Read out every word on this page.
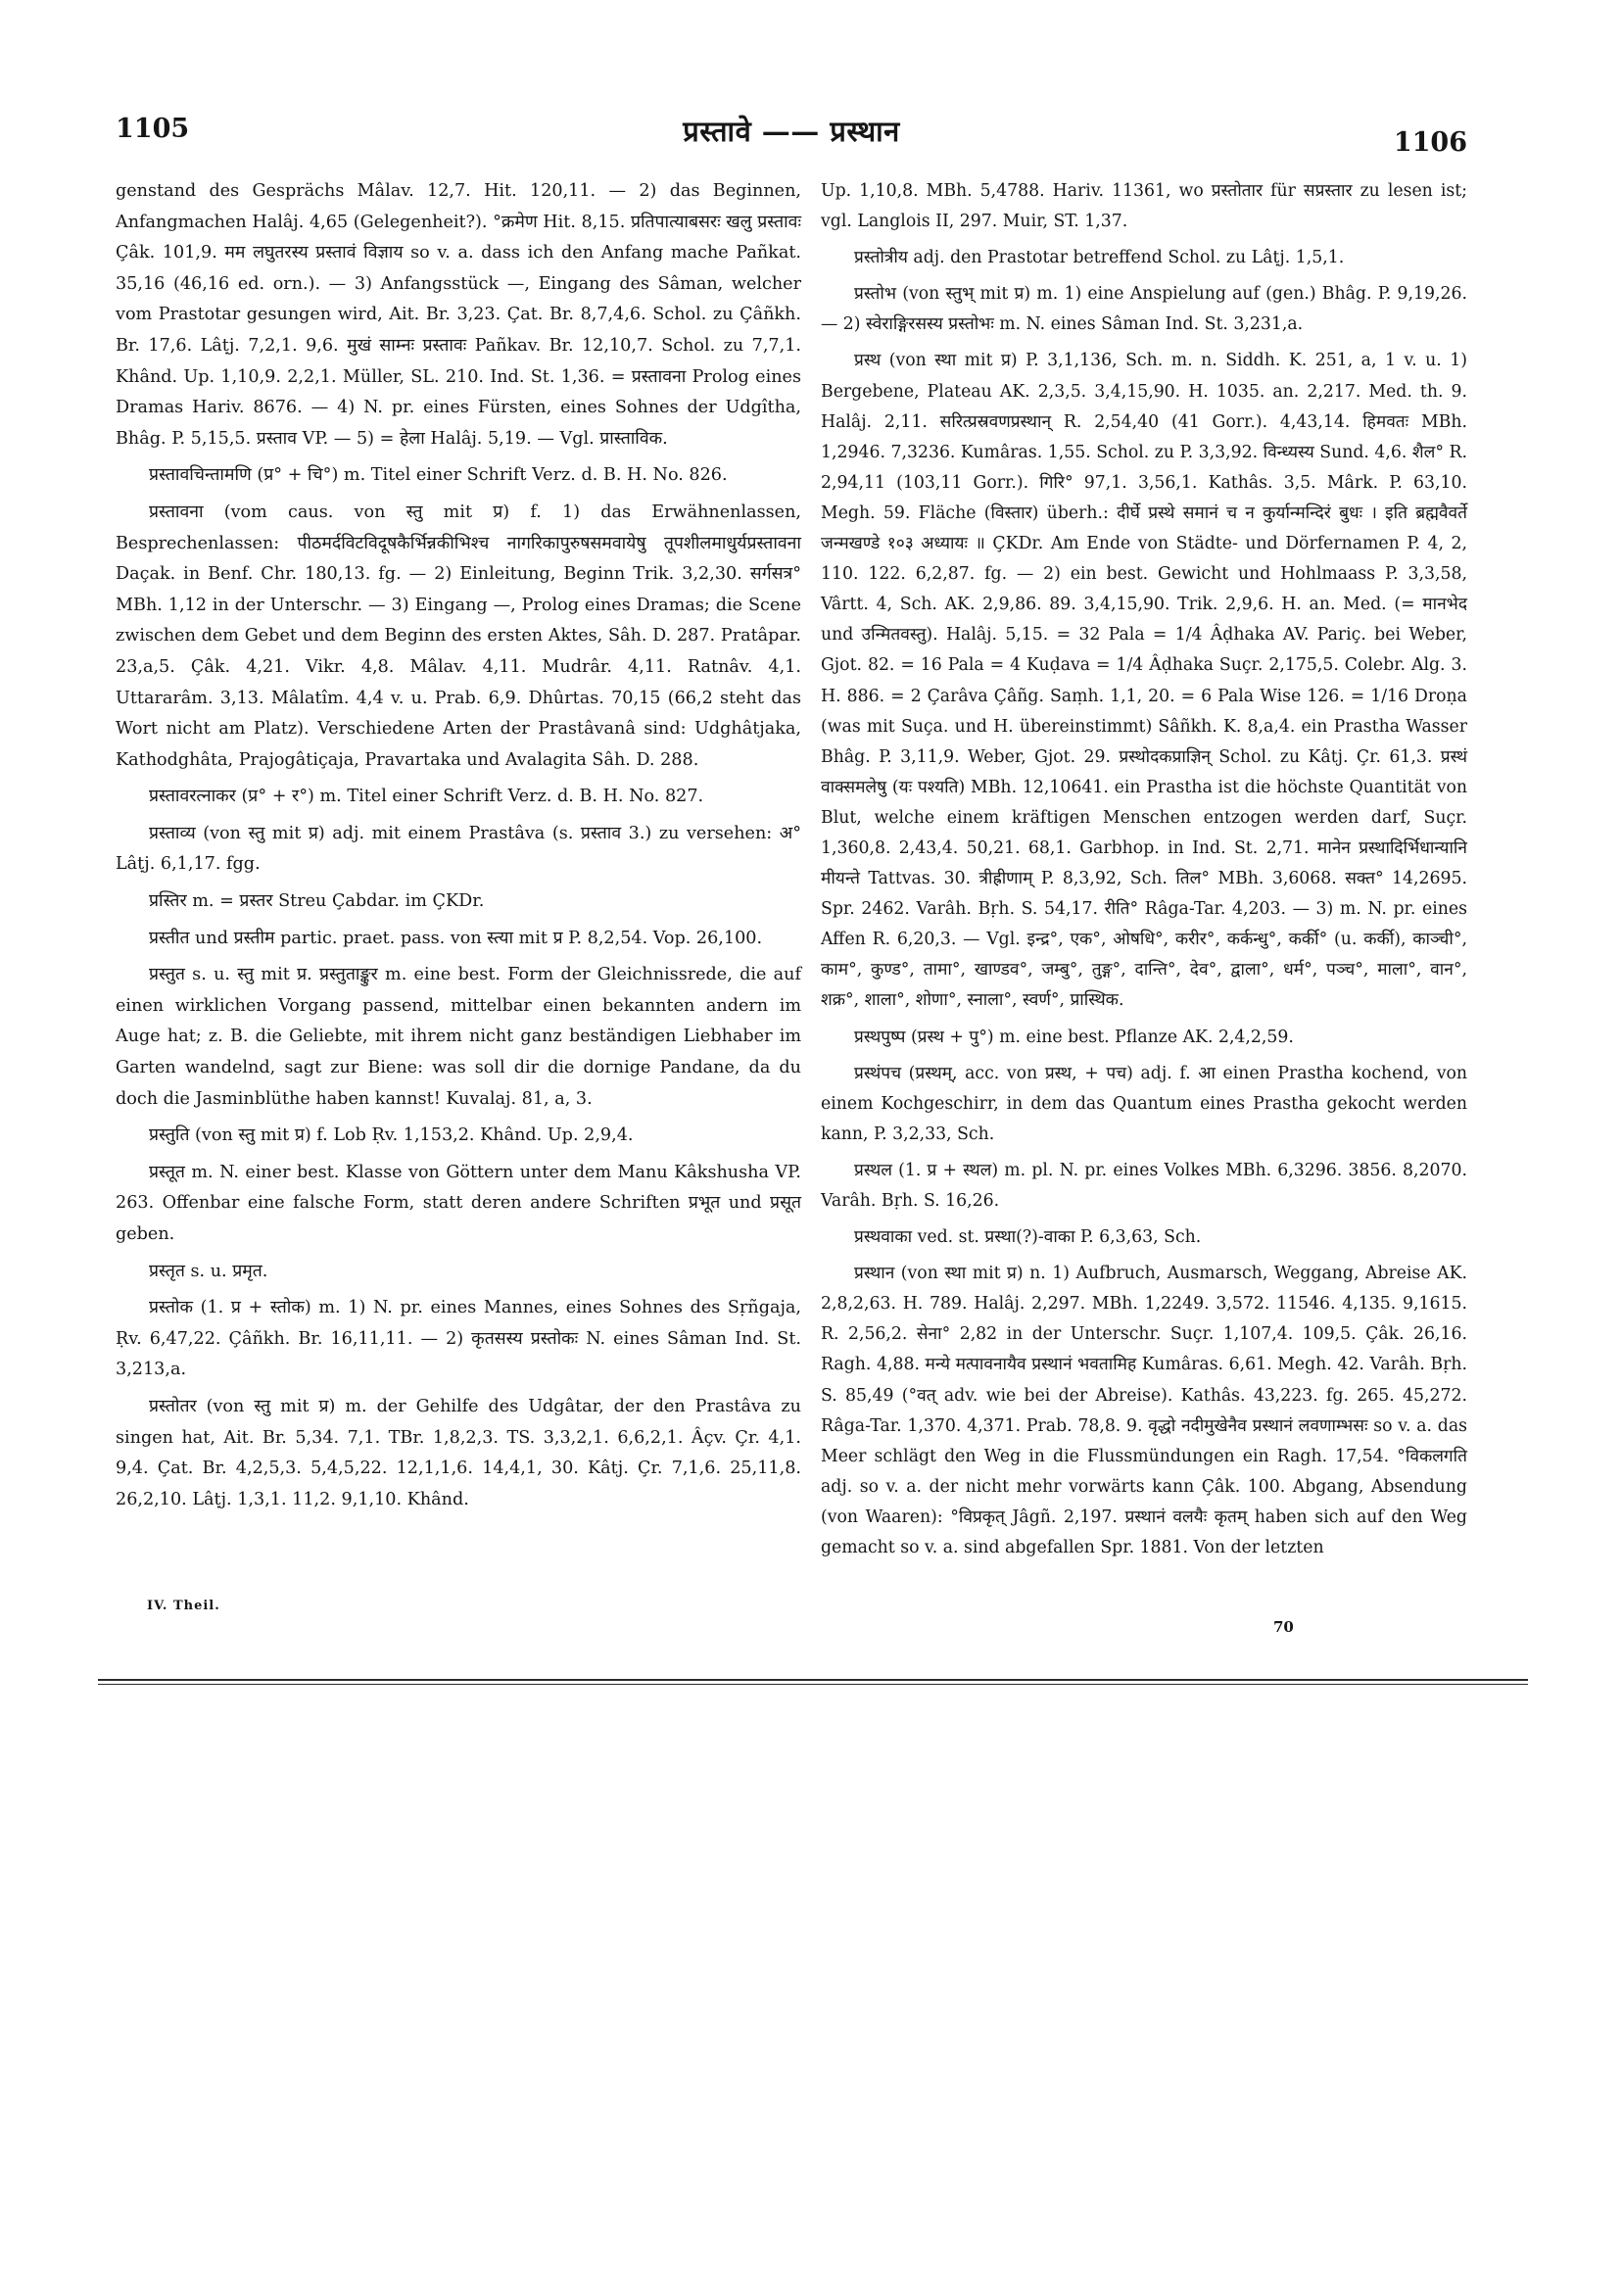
1105	प्रस्तावे —— प्रस्थान	1106

genstand des Gesprächs Mâlav. 12,7. Hit. 120,11. — 2) das Beginnen, Anfangmachen Halâj. 4,65 (Gelegenheit?). °क्रमेण Hit. 8,15. प्रतिपात्याबसरः खलु प्रस्तावः Çâk. 101,9. मम लघुतरस्य प्रस्तावं विज्ञाय so v. a. dass ich den Anfang mache Pañkat. 35,16 (46,16 ed. orn.). — 3) Anfangsstück —, Eingang des Sâman, welcher vom Prastotar gesungen wird, Ait. Br. 3,23. Çat. Br. 8,7,4,6. Schol. zu Çâñkh. Br. 17,6. Lâṭj. 7,2,1. 9,6. मुखं साम्नः प्रस्तावः Pañkav. Br. 12,10,7. Schol. zu 7,7,1. Khând. Up. 1,10,9. 2,2,1. Müller, SL. 210. Ind. St. 1,36. = प्रस्तावना Prolog eines Dramas Hariv. 8676. — 4) N. pr. eines Fürsten, eines Sohnes der Udgîtha, Bhâg. P. 5,15,5. प्रस्ताव VP. — 5) = हेला Halâj. 5,19. — Vgl. प्रास्ताविक.

प्रस्तावचिन्तामणि (प्र° + चि°) m. Titel einer Schrift Verz. d. B. H. No. 826.

प्रस्तावना (vom caus. von स्तु mit प्र) f. 1) das Erwähnenlassen, Besprechenlassen: पीठमर्दविटविदूषकैर्भिन्नकीभिश्च नागरिकापुरुषसमवायेषु तूपशीलमाधुर्यप्रस्तावना Daçak. in Benf. Chr. 180,13. fg. — 2) Einleitung, Beginn Trik. 3,2,30. सर्गसत्र° MBh. 1,12 in der Unterschr. — 3) Eingang —, Prolog eines Dramas; die Scene zwischen dem Gebet und dem Beginn des ersten Aktes, Sâh. D. 287. Pratâpar. 23,a,5. Çâk. 4,21. Vikr. 4,8. Mâlav. 4,11. Mudrâr. 4,11. Ratnâv. 4,1. Uttararâm. 3,13. Mâlatîm. 4,4 v. u. Prab. 6,9. Dhûrtas. 70,15 (66,2 steht das Wort nicht am Platz). Verschiedene Arten der Prastâvanâ sind: Udghâtjaka, Kathodghâta, Prajogâtiçaja, Pravartaka und Avalagita Sâh. D. 288.

प्रस्तावरत्नाकर (प्र° + र°) m. Titel einer Schrift Verz. d. B. H. No. 827.

प्रस्ताव्य (von स्तु mit प्र) adj. mit einem Prastâva (s. प्रस्ताव 3.) zu versehen: अ° Lâṭj. 6,1,17. fgg.

प्रस्तिर m. = प्रस्तर Streu Çabdar. im ÇKDr.

प्रस्तीत und प्रस्तीम partic. praet. pass. von स्त्या mit प्र P. 8,2,54. Vop. 26,100.

प्रस्तुत s. u. स्तु mit प्र. प्रस्तुताङ्कुर m. eine best. Form der Gleichnissrede, die auf einen wirklichen Vorgang passend, mittelbar einen bekannten andern im Auge hat; z. B. die Geliebte, mit ihrem nicht ganz beständigen Liebhaber im Garten wandelnd, sagt zur Biene: was soll dir die dornige Pandane, da du doch die Jasminblüthe haben kannst! Kuvalaj. 81, a, 3.

प्रस्तुति (von स्तु mit प्र) f. Lob Ṛv. 1,153,2. Khând. Up. 2,9,4.

प्रस्तूत m. N. einer best. Klasse von Göttern unter dem Manu Kâkshusha VP. 263. Offenbar eine falsche Form, statt deren andere Schriften प्रभूत und प्रसूत geben.

प्रस्तृत s. u. प्रमृत.

प्रस्तोक (1. प्र + स्तोक) m. 1) N. pr. eines Mannes, eines Sohnes des Sṛñgaja, Ṛv. 6,47,22. Çâñkh. Br. 16,11,11. — 2) कृतसस्य प्रस्तोकः N. eines Sâman Ind. St. 3,213,a.

प्रस्तोतर (von स्तु mit प्र) m. der Gehilfe des Udgâtar, der den Prastâva zu singen hat, Ait. Br. 5,34. 7,1. TBr. 1,8,2,3. TS. 3,3,2,1. 6,6,2,1. Âçv. Çr. 4,1. 9,4. Çat. Br. 4,2,5,3. 5,4,5,22. 12,1,1,6. 14,4,1, 30. Kâtj. Çr. 7,1,6. 25,11,8. 26,2,10. Lâṭj. 1,3,1. 11,2. 9,1,10. Khând.

Up. 1,10,8. MBh. 5,4788. Hariv. 11361, wo प्रस्तोतार für सप्रस्तार zu lesen ist; vgl. Langlois II, 297. Muir, ST. 1,37.

प्रस्तोत्रीय adj. den Prastotar betreffend Schol. zu Lâṭj. 1,5,1.

प्रस्तोभ (von स्तुभ् mit प्र) m. 1) eine Anspielung auf (gen.) Bhâg. P. 9,19,26. — 2) स्वेराङ्गिरसस्य प्रस्तोभः m. N. eines Sâman Ind. St. 3,231,a.

प्रस्थ (von स्था mit प्र) P. 3,1,136, Sch. m. n. Siddh. K. 251, a, 1 v. u. 1) Bergebene, Plateau AK. 2,3,5. 3,4,15,90. H. 1035. an. 2,217. Med. th. 9. Halâj. 2,11. सरित्प्रस्रवणप्रस्थान् R. 2,54,40 (41 Gorr.). 4,43,14. हिमवतः MBh. 1,2946. 7,3236. Kumâras. 1,55. Schol. zu P. 3,3,92. विन्ध्यस्य Sund. 4,6. शैल° R. 2,94,11 (103,11 Gorr.). गिरि° 97,1. 3,56,1. Kathâs. 3,5. Mârk. P. 63,10. Megh. 59. Fläche (विस्तार) überh.: दीर्घे प्रस्थे समानं च न कुर्यान्मन्दिरं बुधः । इति ब्रह्मवैवर्ते जन्मखण्डे १०३ अध्यायः ॥ ÇKDr. Am Ende von Städte- und Dörfernamen P. 4, 2, 110. 122. 6,2,87. fg. — 2) ein best. Gewicht und Hohlmaass P. 3,3,58, Vârtt. 4, Sch. AK. 2,9,86. 89. 3,4,15,90. Trik. 2,9,6. H. an. Med. (= मानभेद und उन्मितवस्तु). Halâj. 5,15. = 32 Pala = 1/4 Âḍhaka AV. Pariç. bei Weber, Gjot. 82. = 16 Pala = 4 Kuḍava = 1/4 Âḍhaka Suçr. 2,175,5. Colebr. Alg. 3. H. 886. = 2 Çarâva Çâñg. Saṃh. 1,1, 20. = 6 Pala Wise 126. = 1/16 Droṇa (was mit Suça. und H. übereinstimmt) Sâñkh. K. 8,a,4. ein Prastha Wasser Bhâg. P. 3,11,9. Weber, Gjot. 29. प्रस्थोदकप्राज्ञिन् Schol. zu Kâtj. Çr. 61,3. प्रस्थं वाक्समलेषु (यः पश्यति) MBh. 12,10641. ein Prastha ist die höchste Quantität von Blut, welche einem kräftigen Menschen entzogen werden darf, Suçr. 1,360,8. 2,43,4. 50,21. 68,1. Garbhop. in Ind. St. 2,71. मानेन प्रस्थादिर्भिधान्यानि मीयन्ते Tattvas. 30. त्रीह्रीणाम् P. 8,3,92, Sch. तिल° MBh. 3,6068. सक्त° 14,2695. Spr. 2462. Varâh. Bṛh. S. 54,17. रीति° Râga-Tar. 4,203. — 3) m. N. pr. eines Affen R. 6,20,3. — Vgl. इन्द्र°, एक°, ओषधि°, करीर°, कर्कन्धु°, कर्की° (u. कर्की), काञ्ची°, काम°, कुण्ड°, तामा°, खाण्डव°, जम्बु°, तुङ्ग°, दान्ति°, देव°, द्वाला°, धर्म°, पञ्च°, माला°, वान°, शक्र°, शाला°, शोणा°, स्नाला°, स्वर्ण°, प्रास्थिक.

प्रस्थपुष्प (प्रस्थ + पु°) m. eine best. Pflanze AK. 2,4,2,59.

प्रस्थंपच (प्रस्थम्, acc. von प्रस्थ, + पच) adj. f. आ einen Prastha kochend, von einem Kochgeschirr, in dem das Quantum eines Prastha gekocht werden kann, P. 3,2,33, Sch.

प्रस्थल (1. प्र + स्थल) m. pl. N. pr. eines Volkes MBh. 6,3296. 3856. 8,2070. Varâh. Bṛh. S. 16,26.

प्रस्थवाका ved. st. प्रस्था(?)-वाका P. 6,3,63, Sch.

प्रस्थान (von स्था mit प्र) n. 1) Aufbruch, Ausmarsch, Weggang, Abreise AK. 2,8,2,63. H. 789. Halâj. 2,297. MBh. 1,2249. 3,572. 11546. 4,135. 9,1615. R. 2,56,2. सेना° 2,82 in der Unterschr. Suçr. 1,107,4. 109,5. Çâk. 26,16. Ragh. 4,88. मन्ये मत्पावनायैव प्रस्थानं भवतामिह Kumâras. 6,61. Megh. 42. Varâh. Bṛh. S. 85,49 (°वत् adv. wie bei der Abreise). Kathâs. 43,223. fg. 265. 45,272. Râga-Tar. 1,370. 4,371. Prab. 78,8. 9. वृद्धो नदीमुखेनैव प्रस्थानं लवणाम्भसः so v. a. das Meer schlägt den Weg in die Flussmündungen ein Ragh. 17,54. °विकलगति adj. so v. a. der nicht mehr vorwärts kann Çâk. 100. Abgang, Absendung (von Waaren): °विप्रकृत् Jâgñ. 2,197. प्रस्थानं वलयैः कृतम् haben sich auf den Weg gemacht so v. a. sind abgefallen Spr. 1881. Von der letzten

IV. Theil.
70
